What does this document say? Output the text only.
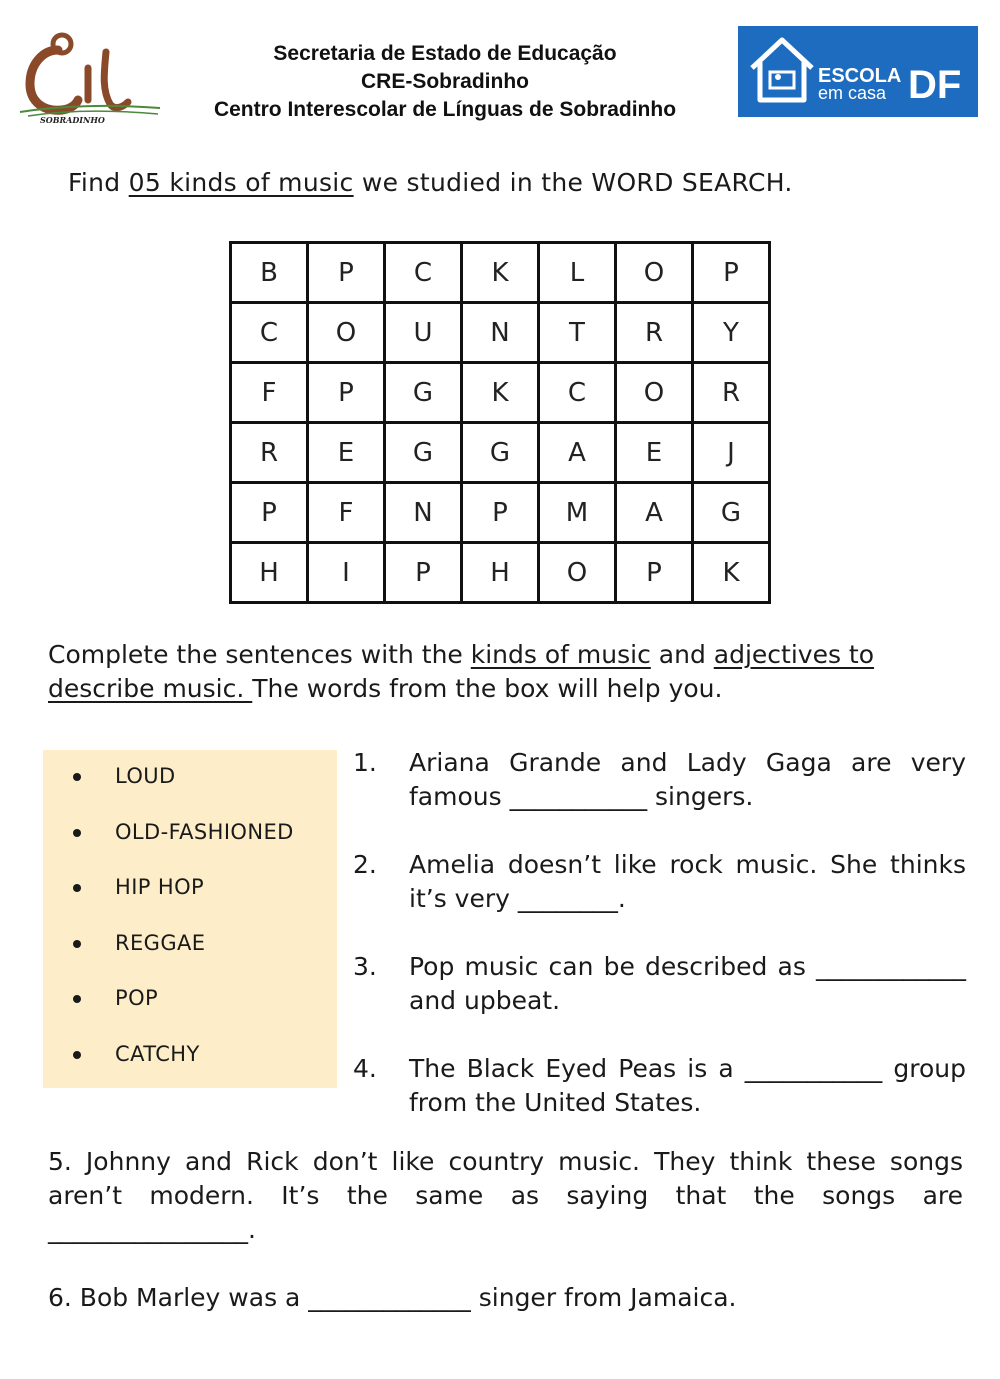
SOBRADINHO
Secretaria de Estado de Educação
CRE-Sobradinho
Centro Interescolar de Línguas de Sobradinho
ESCOLA
em casa DF
Find 05 kinds of music we studied in the WORD SEARCH.
B	P	C	K	L	O	P
C	O	U	N	T	R	Y
F	P	G	K	C	O	R
R	E	G	G	A	E	J
P	F	N	P	M	A	G
H	I	P	H	O	P	K
Complete the sentences with the kinds of music and adjectives to describe music. The words from the box will help you.
LOUD
OLD-FASHIONED
HIP HOP
REGGAE
POP
CATCHY
1.	Ariana Grande and Lady Gaga are very famous ___________ singers.
2.	Amelia doesn’t like rock music. She thinks it’s very ________.
3.	Pop music can be described as ____________ and upbeat.
4.	The Black Eyed Peas is a ___________ group from the United States.
5. Johnny and Rick don’t like country music. They think these songs aren’t modern. It’s the same as saying that the songs are ________________.
6. Bob Marley was a _____________ singer from Jamaica.
